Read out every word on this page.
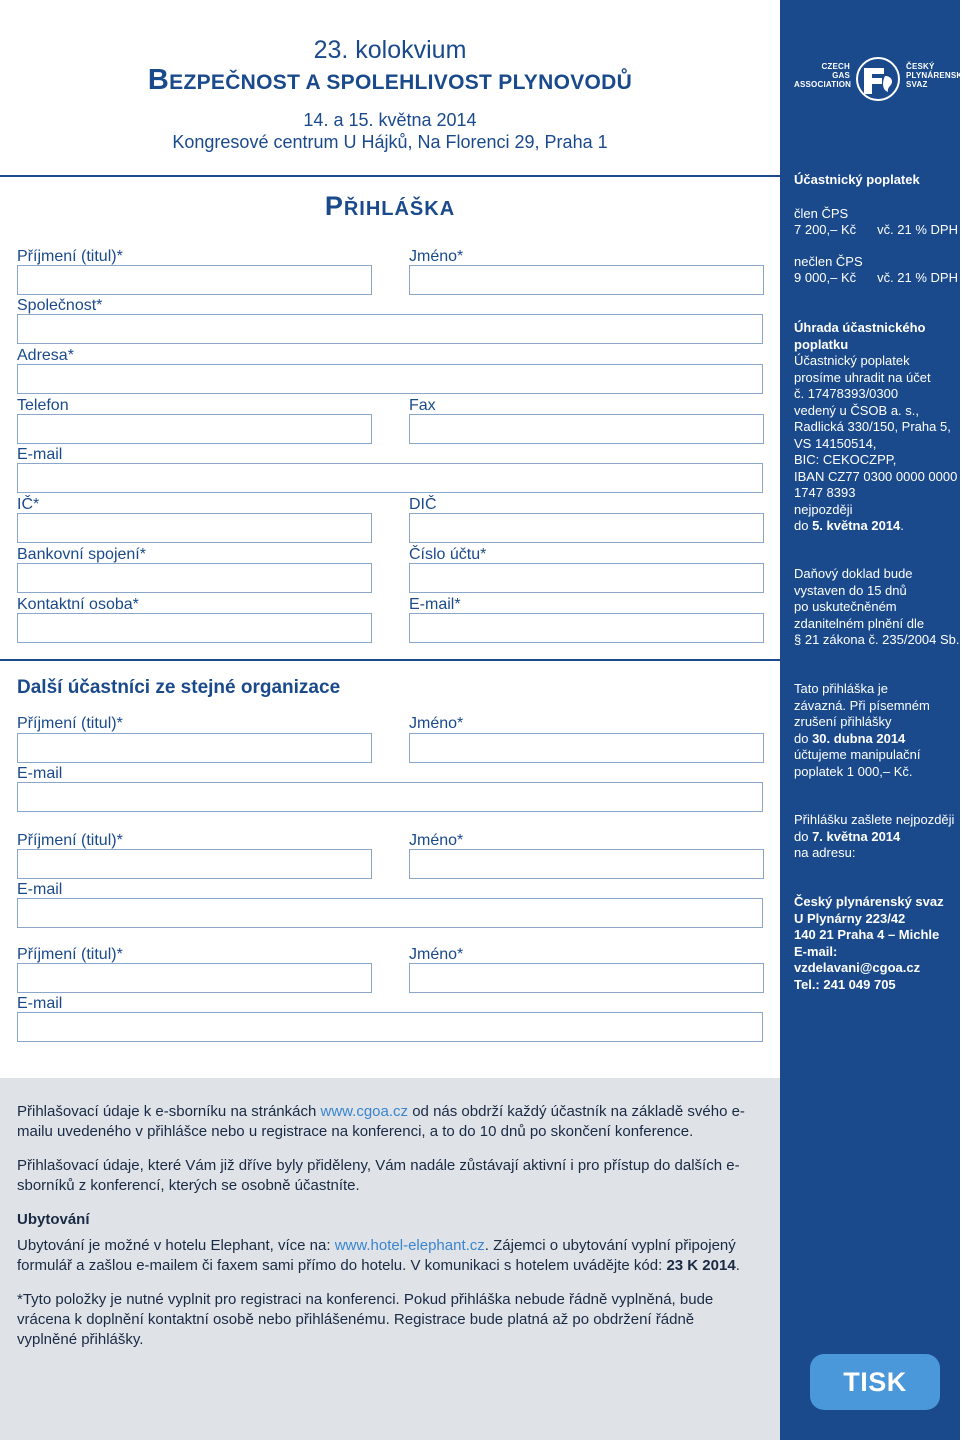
23. kolokvium
BEZPEČNOST A SPOLEHLIVOST PLYNOVODŮ
14. a 15. května 2014
Kongresové centrum U Hájků, Na Florenci 29, Praha 1
PŘIHLÁŠKA
Příjmení (titul)*	Jméno*
Společnost*
Adresa*
Telefon	Fax
E-mail
IČ*	DIČ
Bankovní spojení*	Číslo účtu*
Kontaktní osoba*	E-mail*
Další účastníci ze stejné organizace
Příjmení (titul)*	Jméno*
E-mail
Příjmení (titul)*	Jméno*
E-mail
Příjmení (titul)*	Jméno*
E-mail

Přihlašovací údaje k e-sborníku na stránkách www.cgoa.cz od nás obdrží každý účastník na základě svého e-mailu uvedeného v přihlášce nebo u registrace na konferenci, a to do 10 dnů po skončení konference.

Přihlašovací údaje, které Vám již dříve byly přiděleny, Vám nadále zůstávají aktivní i pro přístup do dalších e-sborníků z konferencí, kterých se osobně účastníte.

Ubytování

Ubytování je možné v hotelu Elephant, více na: www.hotel-elephant.cz. Zájemci o ubytování vyplní připojený formulář a zašlou e-mailem či faxem sami přímo do hotelu. V komunikaci s hotelem uvádějte kód: 23 K 2014.

*Tyto položky je nutné vyplnit pro registraci na konferenci. Pokud přihláška nebude řádně vyplněná, bude vrácena k doplnění kontaktní osobě nebo přihlášenému. Registrace bude platná až po obdržení řádně vyplněné přihlášky.

CZECH
GAS
ASSOCIATION
ČESKÝ
PLYNÁRENSKÝ
SVAZ
Účastnický poplatek
člen ČPS
7 200,– Kč vč. 21 % DPH
nečlen ČPS
9 000,– Kč vč. 21 % DPH
Úhrada účastnického
poplatku
Účastnický poplatek
prosíme uhradit na účet
č. 17478393/0300
vedený u ČSOB a. s.,
Radlická 330/150, Praha 5,
VS 14150514,
BIC: CEKOCZPP,
IBAN CZ77 0300 0000 0000
1747 8393
nejpozději
do 5. května 2014.
Daňový doklad bude
vystaven do 15 dnů
po uskutečněném
zdanitelném plnění dle
§ 21 zákona č. 235/2004 Sb.
Tato přihláška je
závazná. Při písemném
zrušení přihlášky
do 30. dubna 2014
účtujeme manipulační
poplatek 1 000,– Kč.
Přihlášku zašlete nejpozději
do 7. května 2014
na adresu:
Český plynárenský svaz
U Plynárny 223/42
140 21 Praha 4 – Michle
E-mail: vzdelavani@cgoa.cz
Tel.: 241 049 705
TISK
